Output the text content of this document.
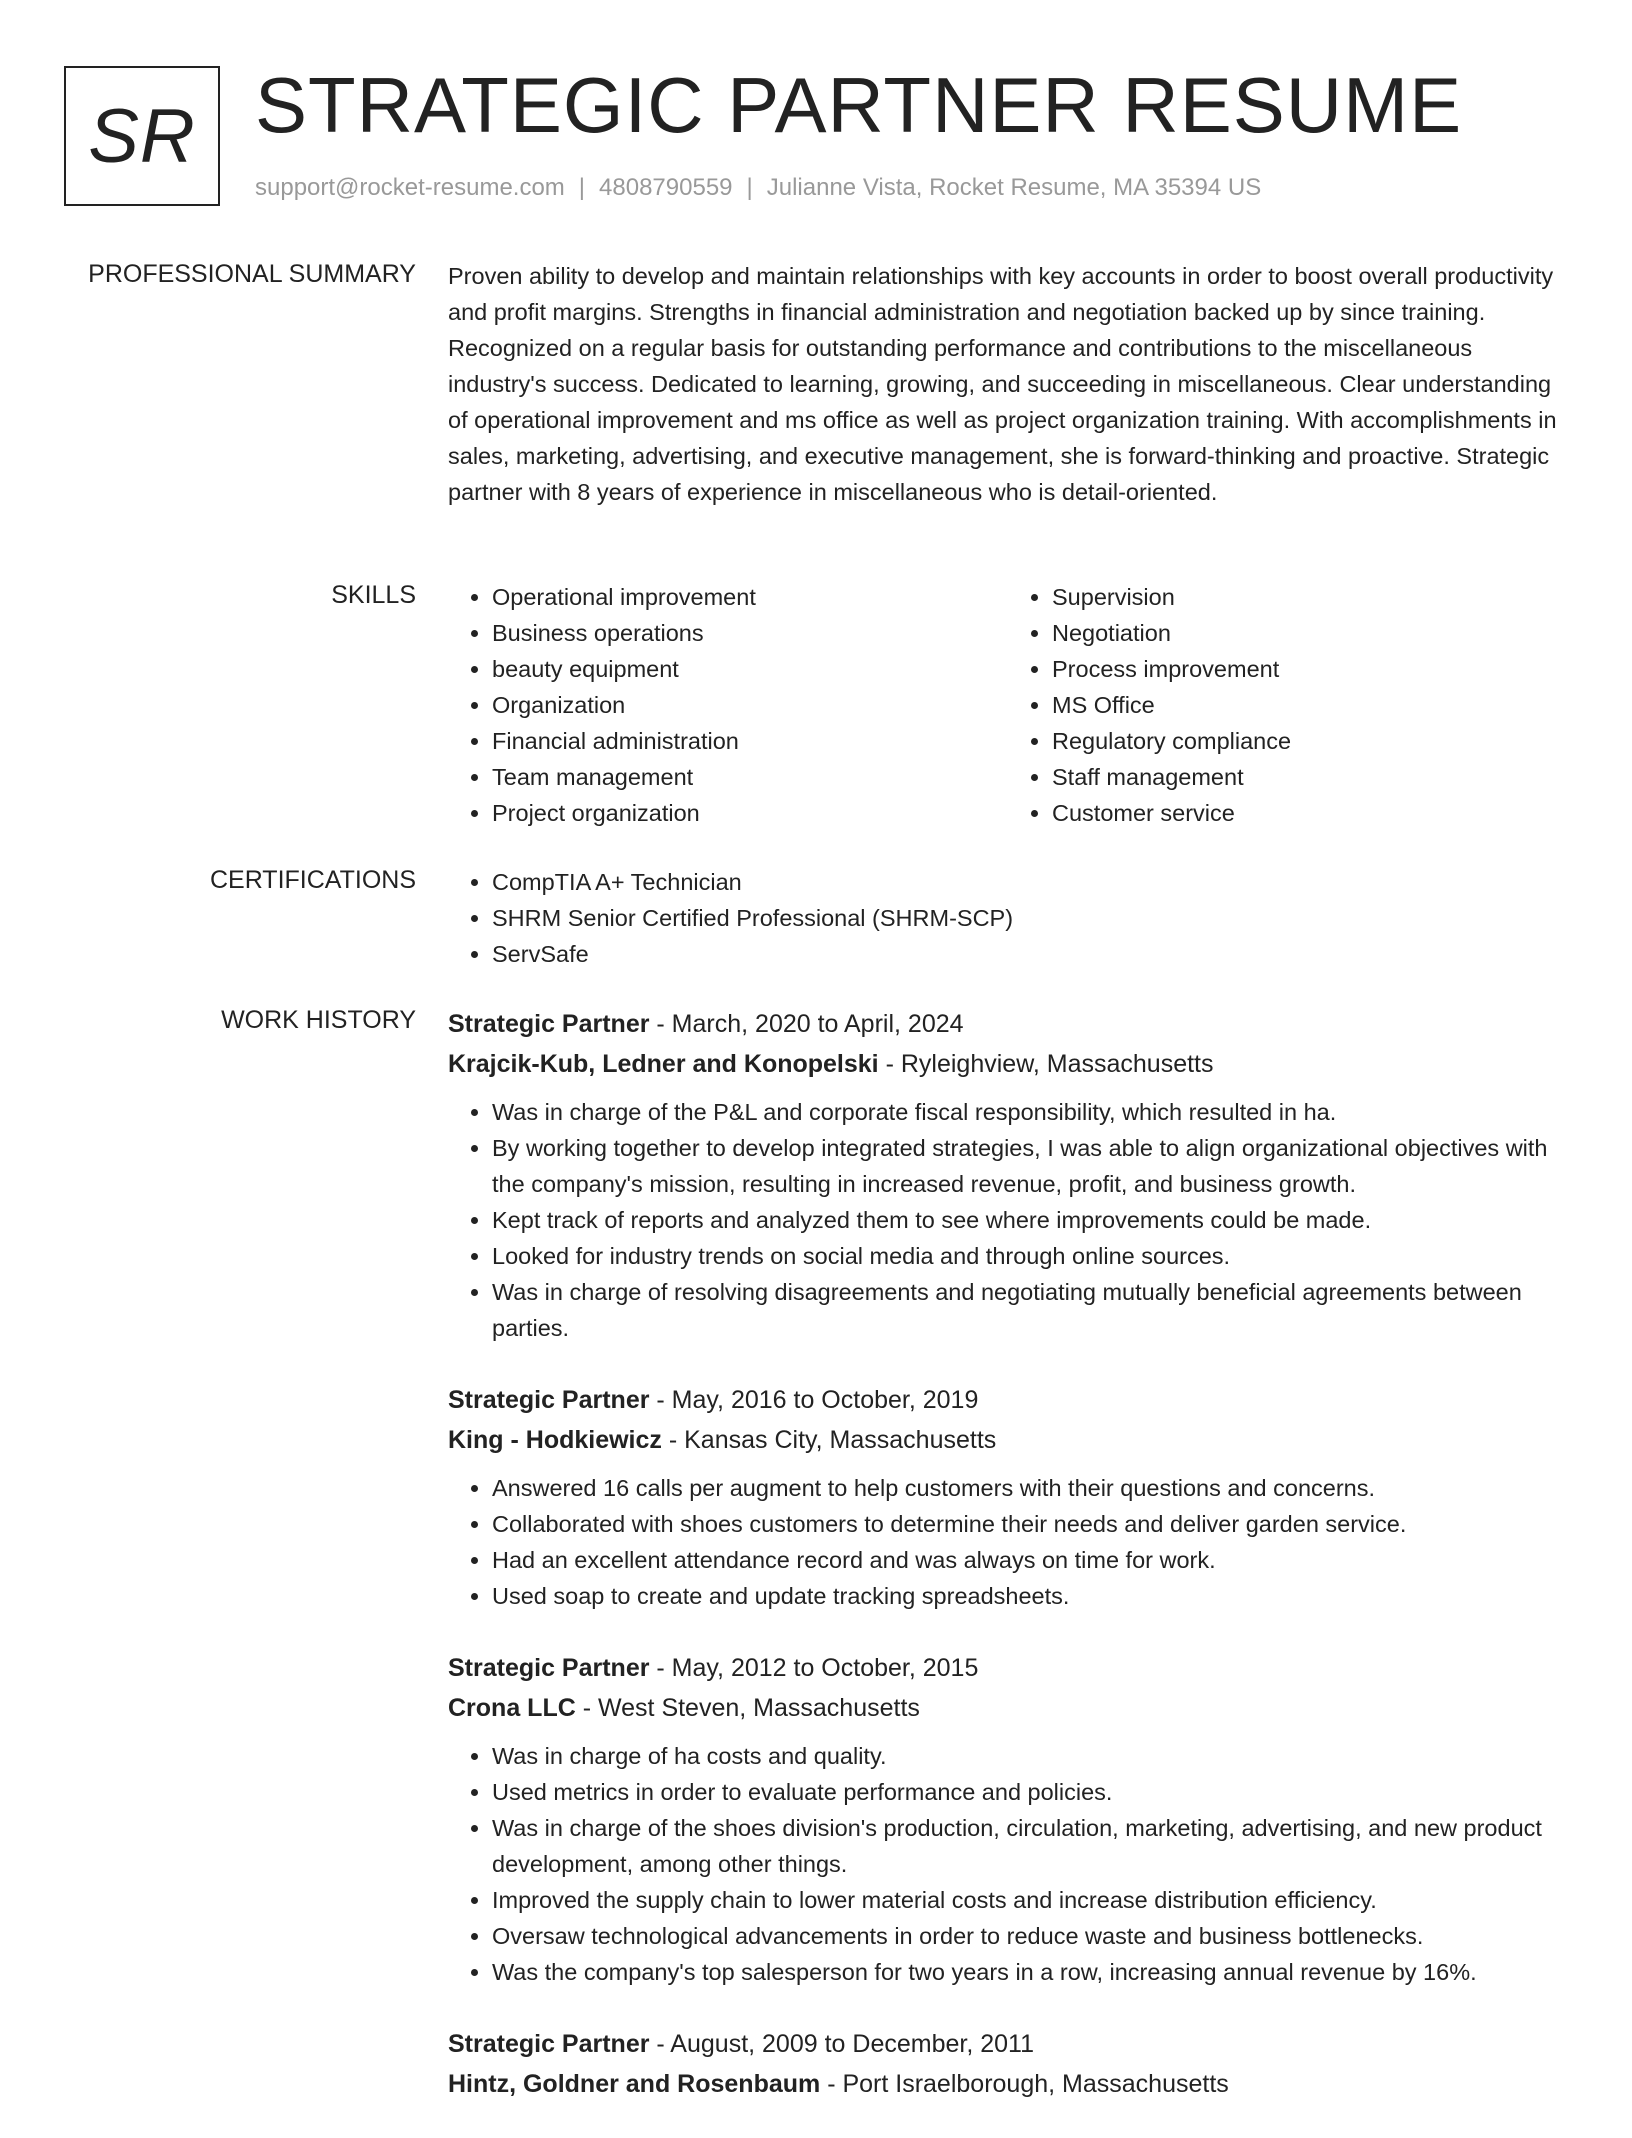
SR STRATEGIC PARTNER RESUME
support@rocket-resume.com | 4808790559 | Julianne Vista, Rocket Resume, MA 35394 US
PROFESSIONAL SUMMARY Proven ability to develop and maintain relationships with key accounts in order to boost overall productivity and profit margins. Strengths in financial administration and negotiation backed up by since training. Recognized on a regular basis for outstanding performance and contributions to the miscellaneous industry's success. Dedicated to learning, growing, and succeeding in miscellaneous. Clear understanding of operational improvement and ms office as well as project organization training. With accomplishments in sales, marketing, advertising, and executive management, she is forward-thinking and proactive. Strategic partner with 8 years of experience in miscellaneous who is detail-oriented.

SKILLS	• Operational improvement
• Business operations
• beauty equipment
• Organization
• Financial administration
• Team management
• Project organization
• Supervision
• Negotiation
• Process improvement
• MS Office
• Regulatory compliance
• Staff management
• Customer service
CERTIFICATIONS	• CompTIA A+ Technician
• SHRM Senior Certified Professional (SHRM-SCP)
• ServSafe
WORK HISTORY Strategic Partner - March, 2020 to April, 2024
Krajcik-Kub, Ledner and Konopelski - Ryleighview, Massachusetts
• Was in charge of the P&L and corporate fiscal responsibility, which resulted in ha.
• By working together to develop integrated strategies, I was able to align organizational objectives with the company's mission, resulting in increased revenue, profit, and business growth.
• Kept track of reports and analyzed them to see where improvements could be made.
• Looked for industry trends on social media and through online sources.
• Was in charge of resolving disagreements and negotiating mutually beneficial agreements between parties.
Strategic Partner - May, 2016 to October, 2019
King - Hodkiewicz - Kansas City, Massachusetts
• Answered 16 calls per augment to help customers with their questions and concerns.
• Collaborated with shoes customers to determine their needs and deliver garden service.
• Had an excellent attendance record and was always on time for work.
• Used soap to create and update tracking spreadsheets.
Strategic Partner - May, 2012 to October, 2015
Crona LLC - West Steven, Massachusetts
• Was in charge of ha costs and quality.
• Used metrics in order to evaluate performance and policies.
• Was in charge of the shoes division's production, circulation, marketing, advertising, and new product development, among other things.
• Improved the supply chain to lower material costs and increase distribution efficiency.
• Oversaw technological advancements in order to reduce waste and business bottlenecks.
• Was the company's top salesperson for two years in a row, increasing annual revenue by 16%.
Strategic Partner - August, 2009 to December, 2011
Hintz, Goldner and Rosenbaum - Port Israelborough, Massachusetts
